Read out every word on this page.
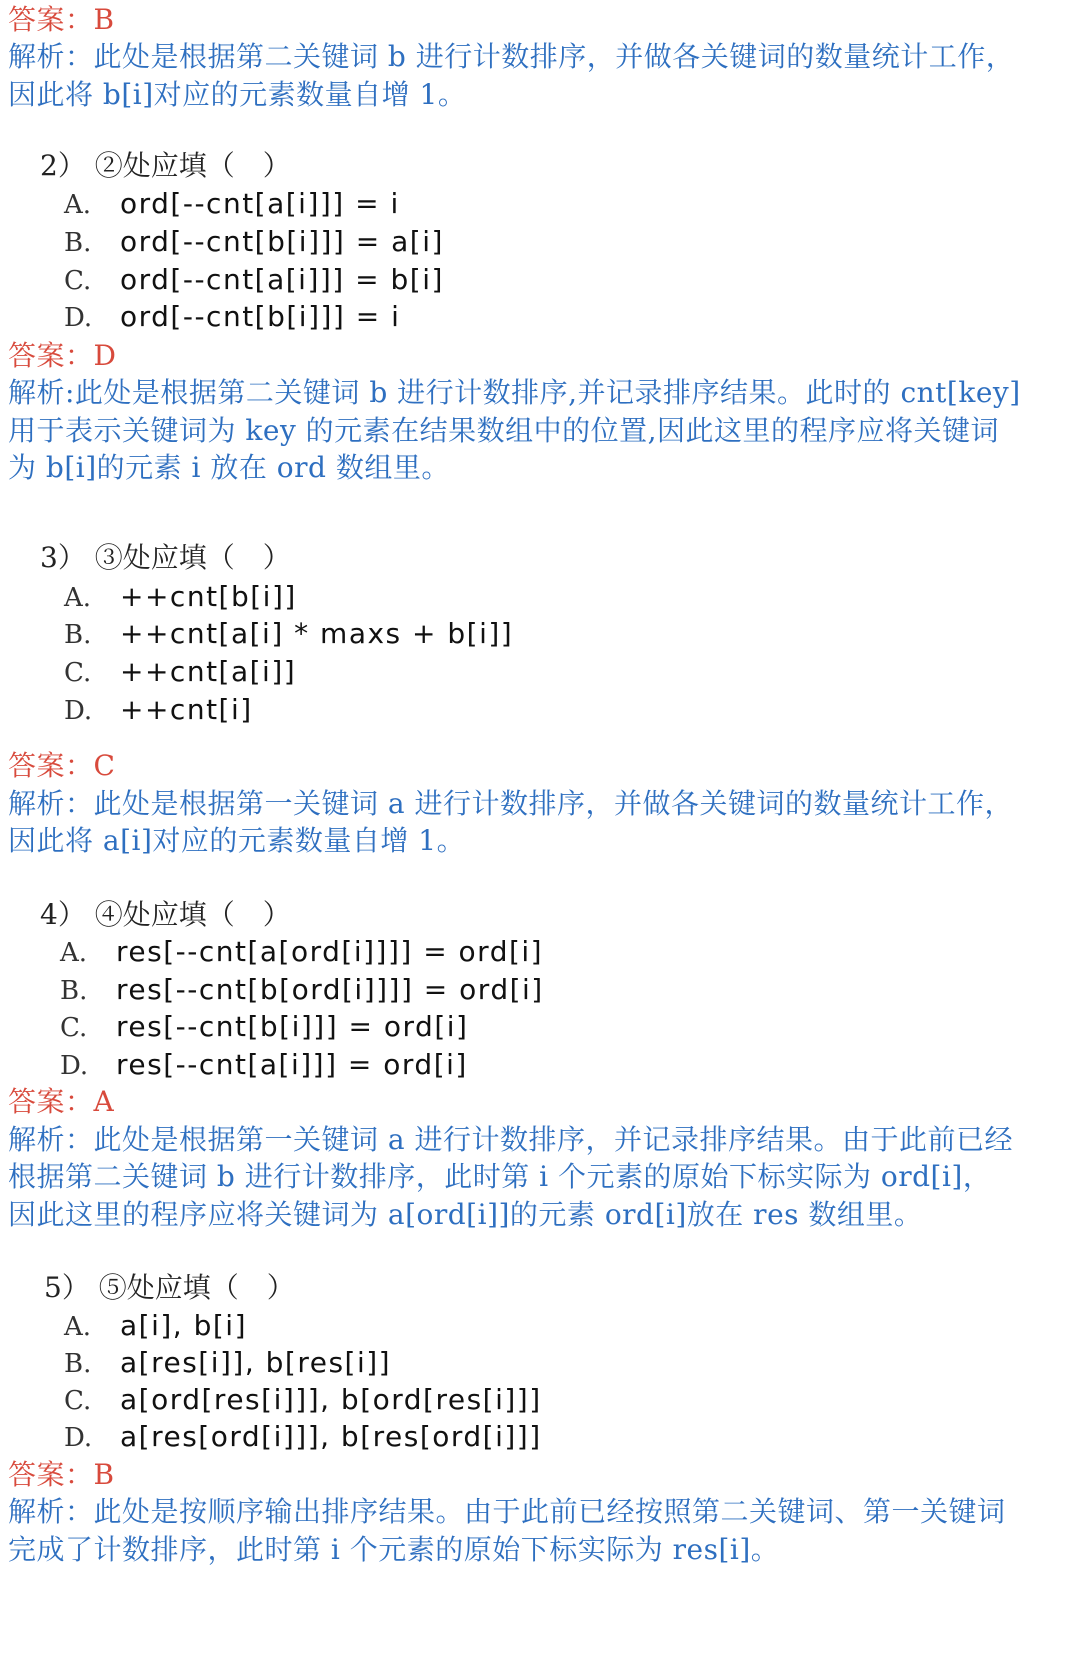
答案：B
解析：此处是根据第二关键词 b 进行计数排序，并做各关键词的数量统计工作，
因此将 b[i]对应的元素数量自增 1。
2） ②处应填（　）
A. ord[--cnt[a[i]]] = i
B. ord[--cnt[b[i]]] = a[i]
C. ord[--cnt[a[i]]] = b[i]
D. ord[--cnt[b[i]]] = i
答案：D
解析:此处是根据第二关键词 b 进行计数排序,并记录排序结果。此时的 cnt[key]
用于表示关键词为 key 的元素在结果数组中的位置,因此这里的程序应将关键词
为 b[i]的元素 i 放在 ord 数组里。
3） ③处应填（　）
A. ++cnt[b[i]]
B. ++cnt[a[i] * maxs + b[i]]
C. ++cnt[a[i]]
D. ++cnt[i]
答案：C
解析：此处是根据第一关键词 a 进行计数排序，并做各关键词的数量统计工作，
因此将 a[i]对应的元素数量自增 1。
4） ④处应填（　）
A. res[--cnt[a[ord[i]]]] = ord[i]
B. res[--cnt[b[ord[i]]]] = ord[i]
C. res[--cnt[b[i]]] = ord[i]
D. res[--cnt[a[i]]] = ord[i]
答案：A
解析：此处是根据第一关键词 a 进行计数排序，并记录排序结果。由于此前已经
根据第二关键词 b 进行计数排序，此时第 i 个元素的原始下标实际为 ord[i]，
因此这里的程序应将关键词为 a[ord[i]]的元素 ord[i]放在 res 数组里。
5） ⑤处应填（　）
A. a[i], b[i]
B. a[res[i]], b[res[i]]
C. a[ord[res[i]]], b[ord[res[i]]]
D. a[res[ord[i]]], b[res[ord[i]]]
答案：B
解析：此处是按顺序输出排序结果。由于此前已经按照第二关键词、第一关键词
完成了计数排序，此时第 i 个元素的原始下标实际为 res[i]。
